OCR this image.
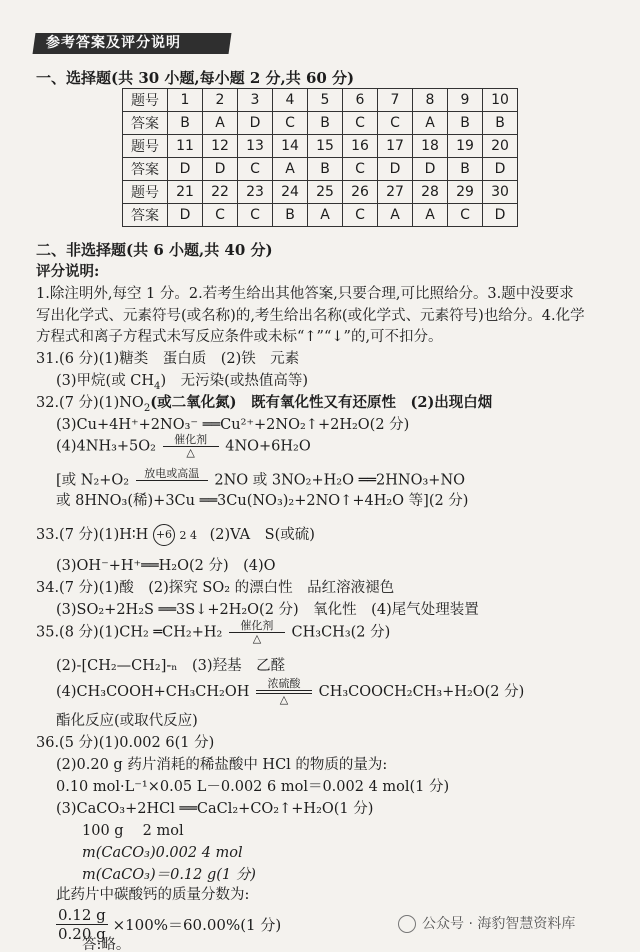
参考答案及评分说明
一、选择题(共 30 小题,每小题 2 分,共 60 分)
题号	1	2	3	4	5	6	7	8	9	10
答案	B	A	D	C	B	C	C	A	B	B
题号	11	12	13	14	15	16	17	18	19	20
答案	D	D	C	A	B	C	D	D	B	D
题号	21	22	23	24	25	26	27	28	29	30
答案	D	C	C	B	A	C	A	A	C	D
二、非选择题(共 6 小题,共 40 分)
评分说明:
1.除注明外,每空 1 分。2.若考生给出其他答案,只要合理,可比照给分。3.题中没要求
写出化学式、元素符号(或名称)的,考生给出名称(或化学式、元素符号)也给分。4.化学
方程式和离子方程式未写反应条件或未标“↑”“↓”的,可不扣分。
31.(6 分)(1)糖类　蛋白质　(2)铁　元素
(3)甲烷(或 $CH_4$)　无污染(或热值高等)
32.(7 分)$(1)NO_2$(或二氧化氮)　既有氧化性又有还原性　(2)出现白烟
(3)Cu+4H⁺+2NO₃⁻ ══Cu²⁺+2NO₂↑+2H₂O(2 分)
(4)4NH₃+5O₂	催化剂
△	4NO+6H₂O
[或 N₂+O₂	放电或高温
	2NO 或 3NO₂+H₂O ══2HNO₃+NO
或 8HNO₃(稀)+3Cu ══3Cu(NO₃)₂+2NO↑+4H₂O 等](2 分)
33.(7 分)(1)H∶H +6 2 4 (2)VA　S(或硫)
(3)OH⁻+H⁺══H₂O(2 分)　(4)O
34.(7 分)(1)酸　(2)探究 SO₂ 的漂白性　品红溶液褪色
(3)SO₂+2H₂S ══3S↓+2H₂O(2 分)　氧化性　(4)尾气处理装置
35.(8 分)(1)CH₂ ═CH₂+H₂	催化剂
△	CH₃CH₃(2 分)
(2)-[CH₂—CH₂]-ₙ　(3)羟基　乙醛
(4)CH₃COOH+CH₃CH₂OH
浓硫酸
△	CH₃COOCH₂CH₃+H₂O(2 分)
酯化反应(或取代反应)
36.(5 分)(1)0.002 6(1 分)
(2)0.20 g 药片消耗的稀盐酸中 HCl 的物质的量为:
0.10 mol·L⁻¹×0.05 L－0.002 6 mol＝0.002 4 mol(1 分)
(3)CaCO₃+2HCl ══CaCl₂+CO₂↑+H₂O(1 分)
100 g　 2 mol
m(CaCO₃)0.002 4 mol
m(CaCO₃)＝0.12 g(1 分)
此药片中碳酸钙的质量分数为:
$\frac{0.12 g}{0.20 g} \times 100\%=60.00\%(1$ 分)
答:略。
公众号 · 海豹智慧资料库
